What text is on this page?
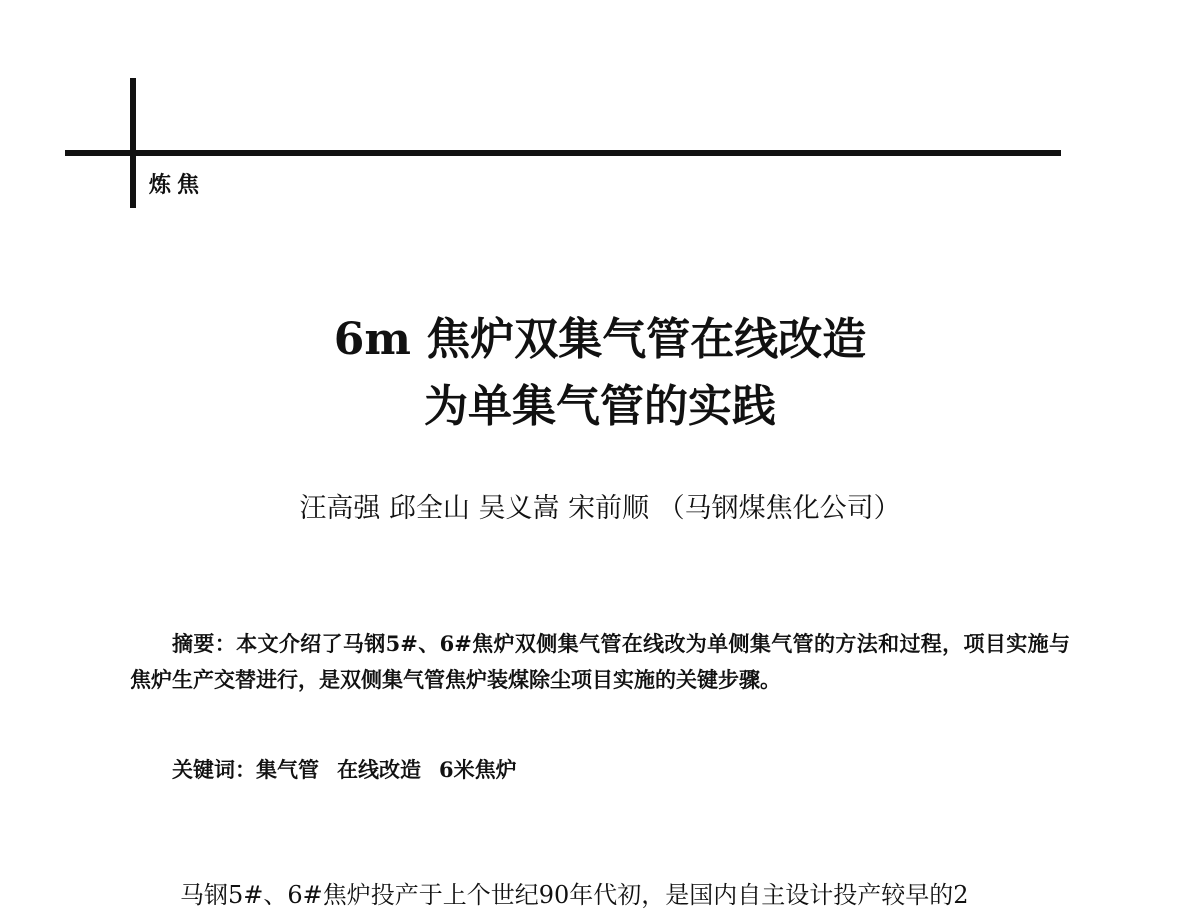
炼焦
6m 焦炉双集气管在线改造
为单集气管的实践
汪高强 邱全山 吴义嵩 宋前顺 （马钢煤焦化公司）
摘要：本文介绍了马钢5#、6#焦炉双侧集气管在线改为单侧集气管的方法和过程，项目实施与焦炉生产交替进行，是双侧集气管焦炉装煤除尘项目实施的关键步骤。
关键词：集气管 在线改造 6米焦炉
马钢5#、6#焦炉投产于上个世纪90年代初，是国内自主设计投产较早的2
